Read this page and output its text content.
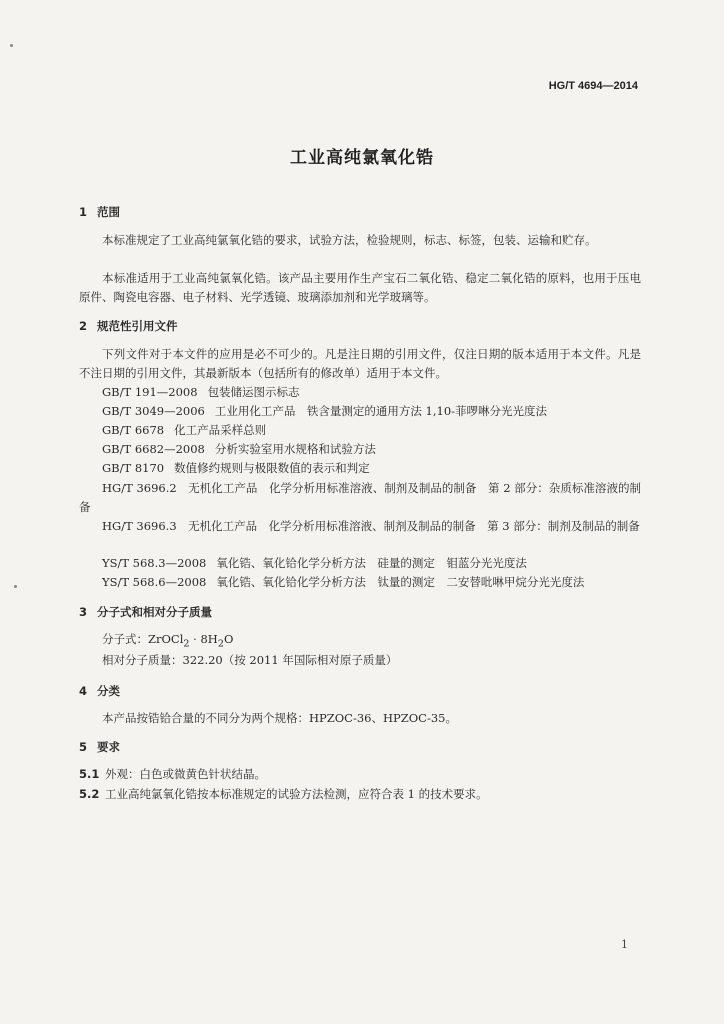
HG/T 4694—2014
工业高纯氯氧化锆
1 范围
本标准规定了工业高纯氯氧化锆的要求，试验方法，检验规则，标志、标签，包装、运输和贮存。
本标准适用于工业高纯氯氧化锆。该产品主要用作生产宝石二氧化锆、稳定二氧化锆的原料，也用于压电原件、陶瓷电容器、电子材料、光学透镜、玻璃添加剂和光学玻璃等。
2 规范性引用文件
下列文件对于本文件的应用是必不可少的。凡是注日期的引用文件，仅注日期的版本适用于本文件。凡是不注日期的引用文件，其最新版本（包括所有的修改单）适用于本文件。
GB/T 191—2008 包装储运图示标志
GB/T 3049—2006 工业用化工产品　铁含量测定的通用方法 1,10-菲啰啉分光光度法
GB/T 6678 化工产品采样总则
GB/T 6682—2008 分析实验室用水规格和试验方法
GB/T 8170 数值修约规则与极限数值的表示和判定
HG/T 3696.2　无机化工产品　化学分析用标准溶液、制剂及制品的制备　第 2 部分：杂质标准溶液的制备
HG/T 3696.3　无机化工产品　化学分析用标准溶液、制剂及制品的制备　第 3 部分：制剂及制品的制备
YS/T 568.3—2008 氧化锆、氧化铪化学分析方法　硅量的测定　钼蓝分光光度法
YS/T 568.6—2008 氧化锆、氧化铪化学分析方法　钛量的测定　二安替吡啉甲烷分光光度法
3 分子式和相对分子质量
分子式：ZrOCl$_2$ · $8H_2O$
相对分子质量：322.20（按 2011 年国际相对原子质量）
4 分类
本产品按锆铪合量的不同分为两个规格：HPZOC-36、HPZOC-35。
5 要求
5.1 外观：白色或微黄色针状结晶。
5.2 工业高纯氯氧化锆按本标准规定的试验方法检测，应符合表 1 的技术要求。
1
